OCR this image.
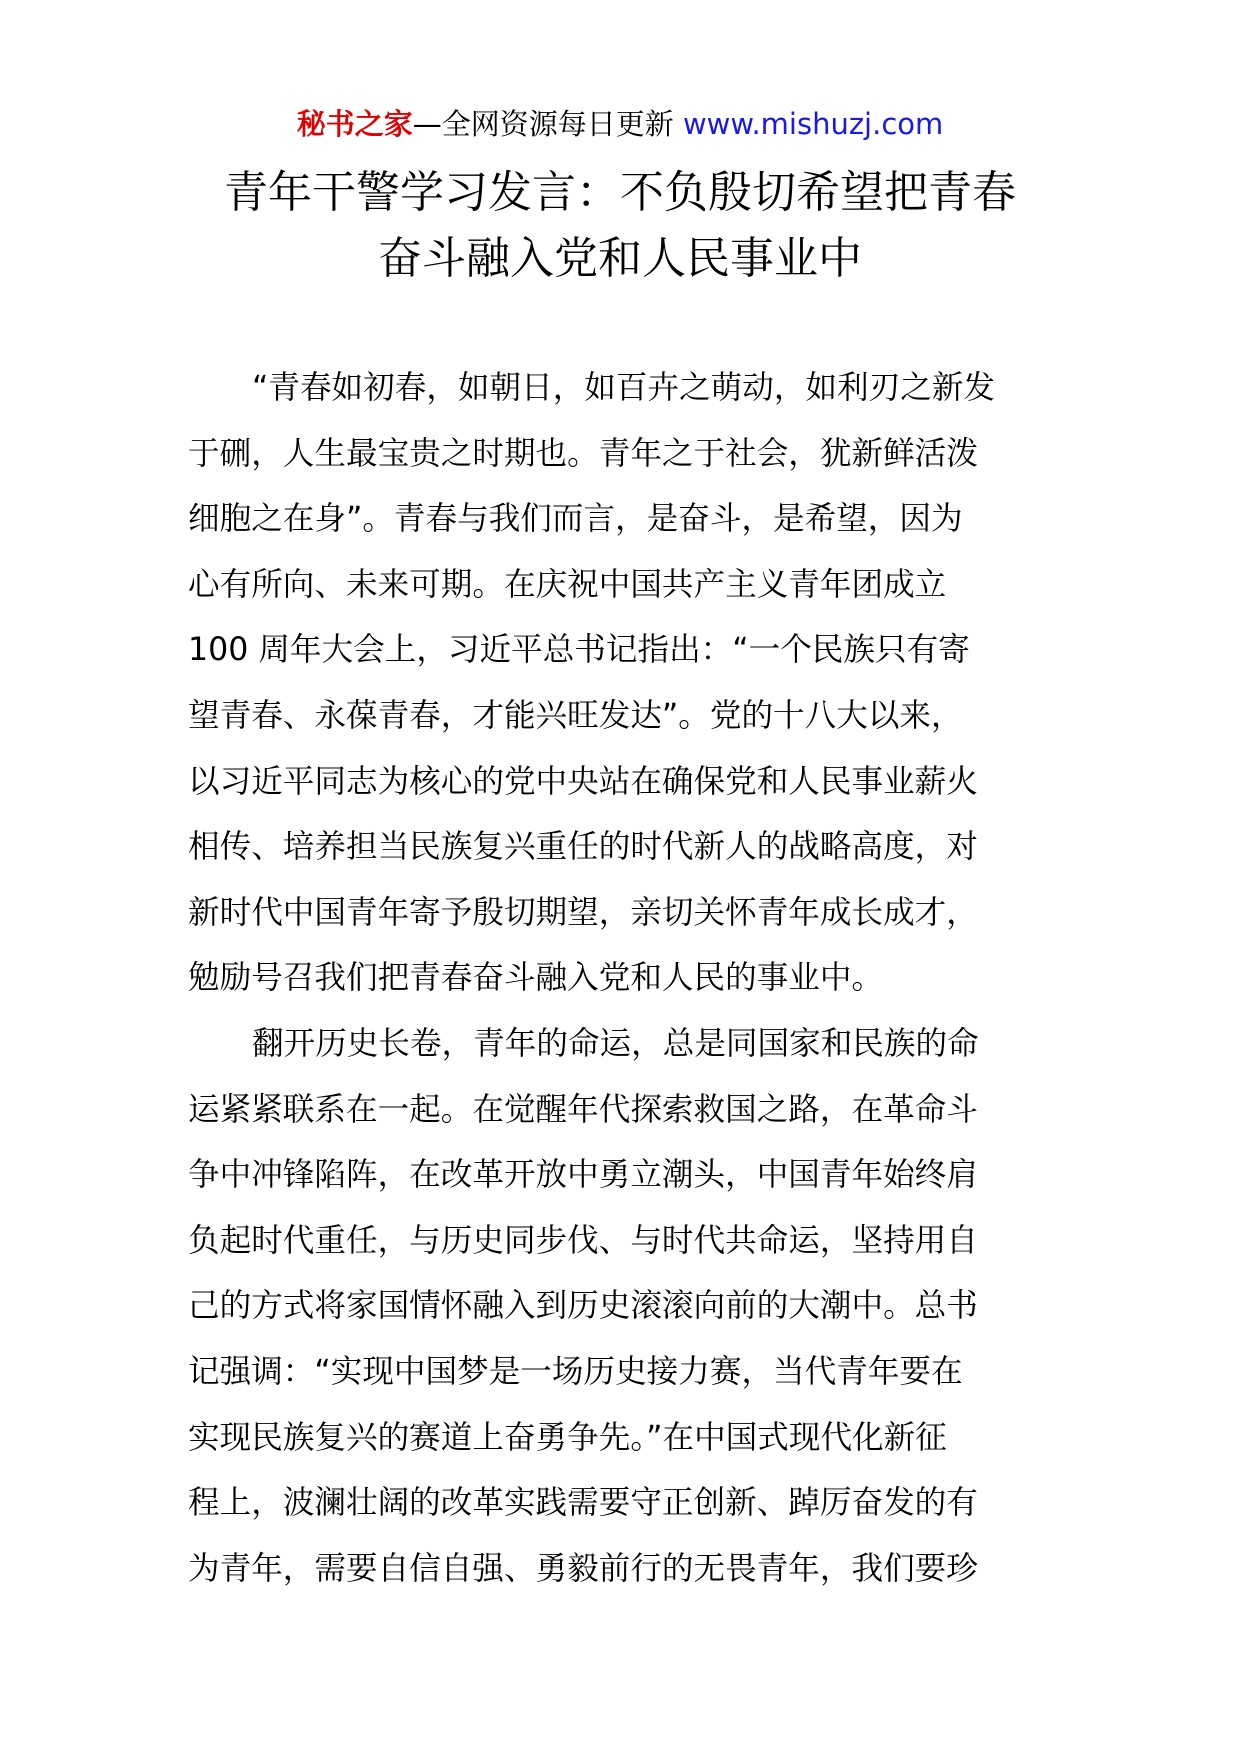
秘书之家—全网资源每日更新 www.mishuzj.com
青年干警学习发言：不负殷切希望把青春
奋斗融入党和人民事业中
“青春如初春，如朝日，如百卉之萌动，如利刃之新发
于硎，人生最宝贵之时期也。青年之于社会，犹新鲜活泼
细胞之在身”。青春与我们而言，是奋斗，是希望，因为
心有所向、未来可期。在庆祝中国共产主义青年团成立
100 周年大会上，习近平总书记指出：“一个民族只有寄
望青春、永葆青春，才能兴旺发达”。党的十八大以来，
以习近平同志为核心的党中央站在确保党和人民事业薪火
相传、培养担当民族复兴重任的时代新人的战略高度，对
新时代中国青年寄予殷切期望，亲切关怀青年成长成才，
勉励号召我们把青春奋斗融入党和人民的事业中。
翻开历史长卷，青年的命运，总是同国家和民族的命
运紧紧联系在一起。在觉醒年代探索救国之路，在革命斗
争中冲锋陷阵，在改革开放中勇立潮头，中国青年始终肩
负起时代重任，与历史同步伐、与时代共命运，坚持用自
己的方式将家国情怀融入到历史滚滚向前的大潮中。总书
记强调：“实现中国梦是一场历史接力赛，当代青年要在
实现民族复兴的赛道上奋勇争先。”在中国式现代化新征
程上，波澜壮阔的改革实践需要守正创新、踔厉奋发的有
为青年，需要自信自强、勇毅前行的无畏青年，我们要珍
